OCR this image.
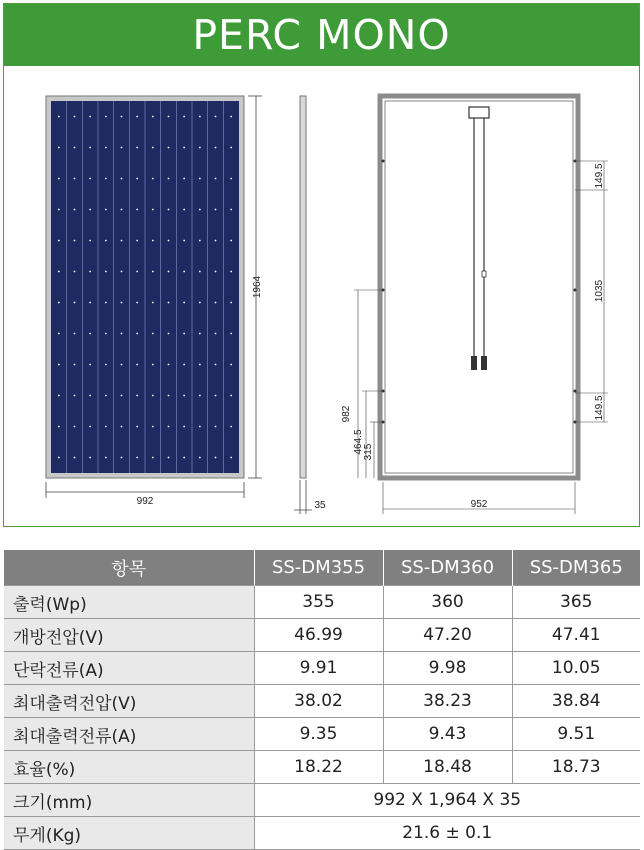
PERC MONO
992
1964
35
149.5
1035
149.5
982
464.5 315
952
항목	SS-DM355	SS-DM360	SS-DM365
출력(Wp)	355	360	365
개방전압(V)	46.99	47.20	47.41
단락전류(A)	9.91	9.98	10.05
최대출력전압(V)	38.02	38.23	38.84
최대출력전류(A)	9.35	9.43	9.51
효율(%)	18.22	18.48	18.73
크기(mm)	992 X 1,964 X 35		
무게(Kg)	21.6 ± 0.1		
